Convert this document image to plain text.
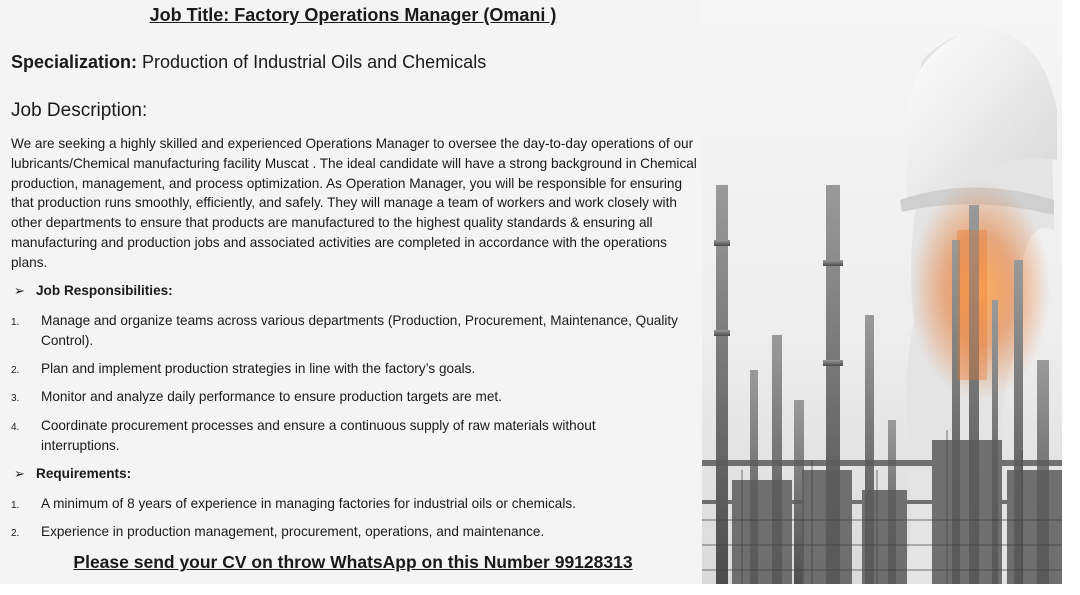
Job Title: Factory Operations Manager (Omani )
Specialization: Production of Industrial Oils and Chemicals
Job Description:
We are seeking a highly skilled and experienced Operations Manager to oversee the day-to-day operations of our lubricants/Chemical manufacturing facility Muscat . The ideal candidate will have a strong background in Chemical production, management, and process optimization. As Operation Manager, you will be responsible for ensuring that production runs smoothly, efficiently, and safely. They will manage a team of workers and work closely with other departments to ensure that products are manufactured to the highest quality standards & ensuring all manufacturing and production jobs and associated activities are completed in accordance with the operations plans.
➢ Job Responsibilities:
1. Manage and organize teams across various departments (Production, Procurement, Maintenance, Quality Control).
2. Plan and implement production strategies in line with the factory’s goals.
3. Monitor and analyze daily performance to ensure production targets are met.
4. Coordinate procurement processes and ensure a continuous supply of raw materials without interruptions.
➢ Requirements:
1. A minimum of 8 years of experience in managing factories for industrial oils or chemicals.
2. Experience in production management, procurement, operations, and maintenance.
Please send your CV on throw WhatsApp on this Number 99128313
